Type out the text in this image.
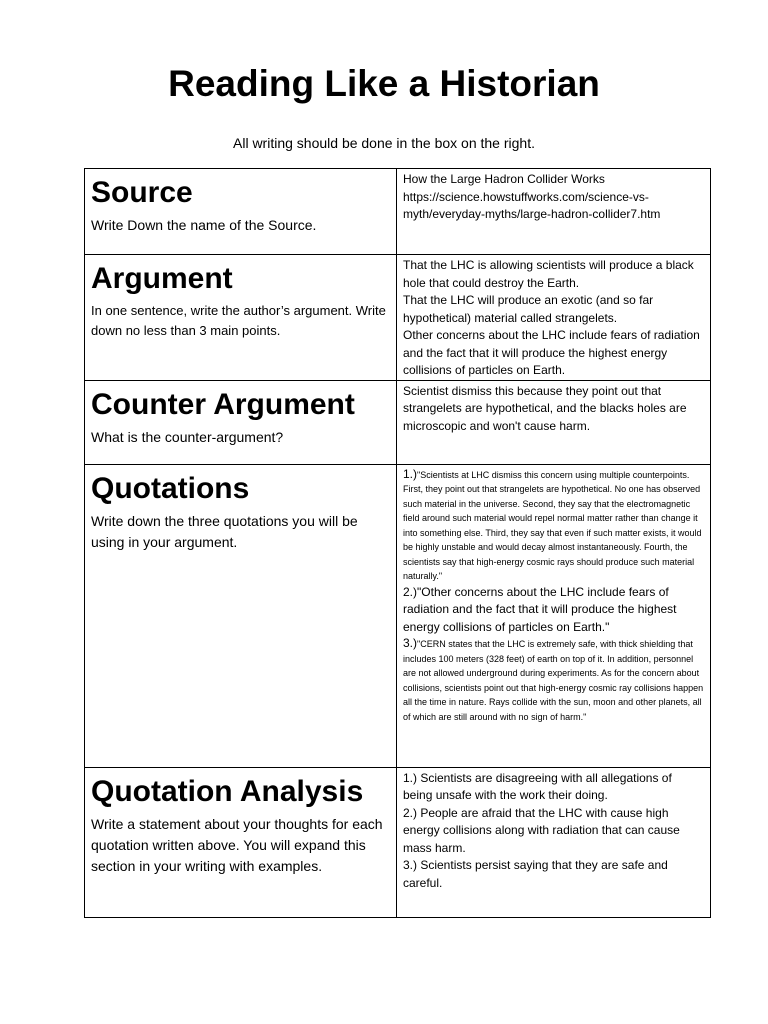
Reading Like a Historian
All writing should be done in the box on the right.
Source
Write Down the name of the Source.	How the Large Hadron Collider Works
https://science.howstuffworks.com/science-vs-myth/everyday-myths/large-hadron-collider7.htm

Argument
In one sentence, write the author’s argument. Write down no less than 3 main points.	That the LHC is allowing scientists will produce a black hole that could destroy the Earth.
That the LHC will produce an exotic (and so far hypothetical) material called strangelets.
Other concerns about the LHC include fears of radiation and the fact that it will produce the highest energy collisions of particles on Earth.

Counter Argument
What is the counter-argument?	Scientist dismiss this because they point out that strangelets are hypothetical, and the blacks holes are microscopic and won't cause harm.

Quotations
Write down the three quotations you will be using in your argument.	1.)"Scientists at LHC dismiss this concern using multiple counterpoints. First, they point out that strangelets are hypothetical. No one has observed such material in the universe. Second, they say that the electromagnetic field around such material would repel normal matter rather than change it into something else. Third, they say that even if such matter exists, it would be highly unstable and would decay almost instantaneously. Fourth, the scientists say that high-energy cosmic rays should produce such material naturally."
2.)"Other concerns about the LHC include fears of radiation and the fact that it will produce the highest energy collisions of particles on Earth."
3.)"CERN states that the LHC is extremely safe, with thick shielding that includes 100 meters (328 feet) of earth on top of it. In addition, personnel are not allowed underground during experiments. As for the concern about collisions, scientists point out that high-energy cosmic ray collisions happen all the time in nature. Rays collide with the sun, moon and other planets, all of which are still around with no sign of harm."

Quotation Analysis
Write a statement about your thoughts for each quotation written above. You will expand this section in your writing with examples.	1.) Scientists are disagreeing with all allegations of being unsafe with the work their doing.
2.) People are afraid that the LHC with cause high energy collisions along with radiation that can cause mass harm.
3.) Scientists persist saying that they are safe and careful.
